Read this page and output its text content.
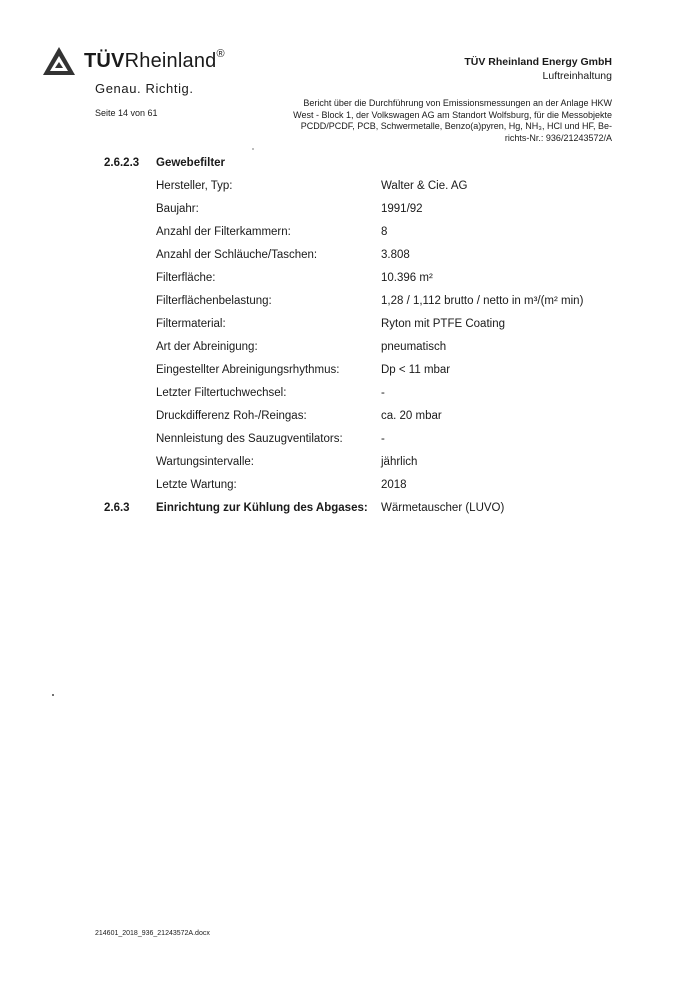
TÜVRheinland®
Genau. Richtig.
Seite 14 von 61
TÜV Rheinland Energy GmbH
Luftreinhaltung
Bericht über die Durchführung von Emissionsmessungen an der Anlage HKW
West - Block 1, der Volkswagen AG am Standort Wolfsburg, für die Messobjekte
PCDD/PCDF, PCB, Schwermetalle, Benzo(a)pyren, Hg, NH₃, HCl und HF, Be-
richts-Nr.: 936/21243572/A
2.6.2.3 Gewebefilter
Hersteller, Typ:	Walter & Cie. AG
Baujahr:	1991/92
Anzahl der Filterkammern:	8
Anzahl der Schläuche/Taschen:	3.808
Filterfläche:	10.396 m²
Filterflächenbelastung:	1,28 / 1,112 brutto / netto in m³/(m² min)
Filtermaterial:	Ryton mit PTFE Coating
Art der Abreinigung:	pneumatisch
Eingestellter Abreinigungsrhythmus:	Dp < 11 mbar
Letzter Filtertuchwechsel:	-
Druckdifferenz Roh-/Reingas:	ca. 20 mbar
Nennleistung des Sauzugventilators:	-
Wartungsintervalle:	jährlich
Letzte Wartung:	2018
2.6.3 Einrichtung zur Kühlung des Abgases: Wärmetauscher (LUVO)
214601_2018_936_21243572A.docx
